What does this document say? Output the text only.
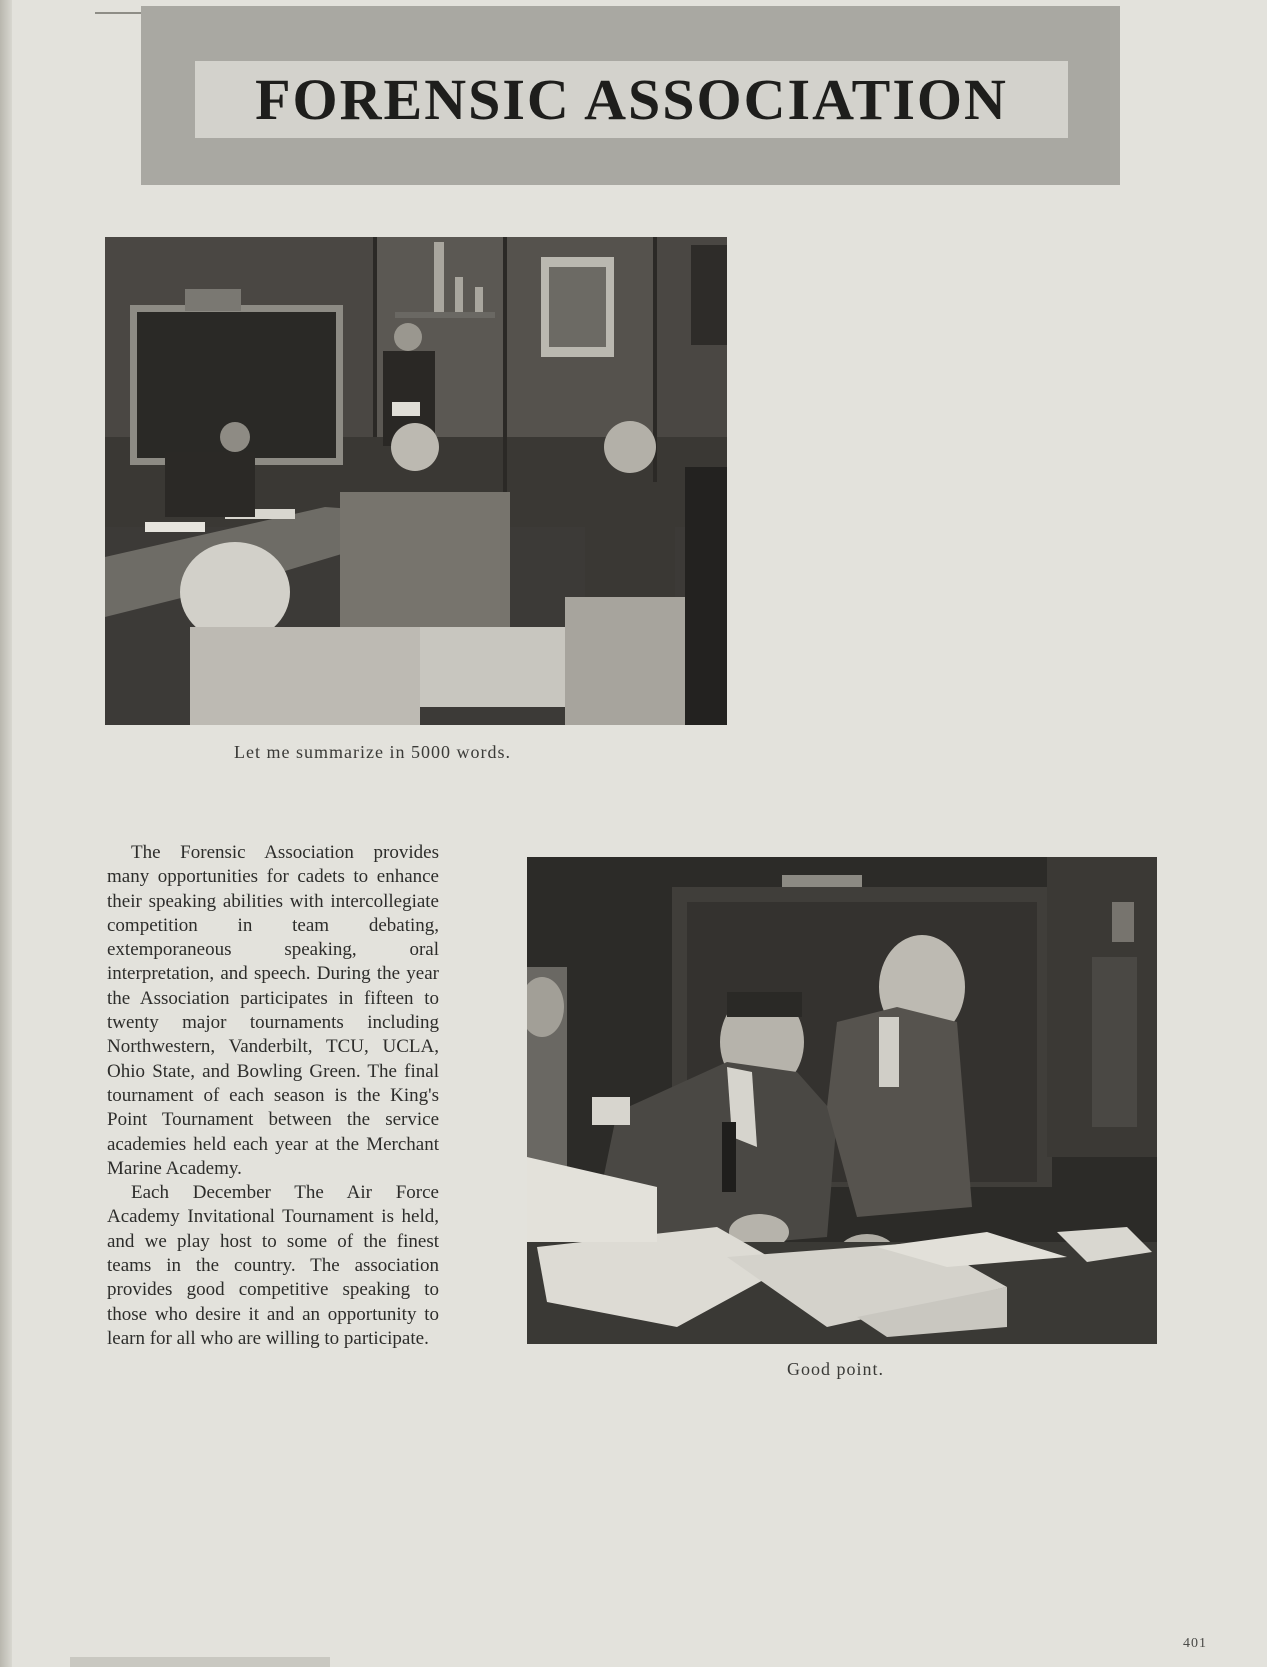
FORENSIC ASSOCIATION
Let me summarize in 5000 words.

The Forensic Association provides many opportunities for cadets to enhance their speaking abilities with intercollegiate competition in team debating, extemporaneous speaking, oral interpretation, and speech. During the year the Association participates in fifteen to twenty major tournaments including Northwestern, Vanderbilt, TCU, UCLA, Ohio State, and Bowling Green. The final tournament of each season is the King's Point Tournament between the service academies held each year at the Merchant Marine Academy.

Each December The Air Force Academy Invitational Tournament is held, and we play host to some of the finest teams in the country. The association provides good competitive speaking to those who desire it and an opportunity to learn for all who are willing to participate.

Good point.
401
